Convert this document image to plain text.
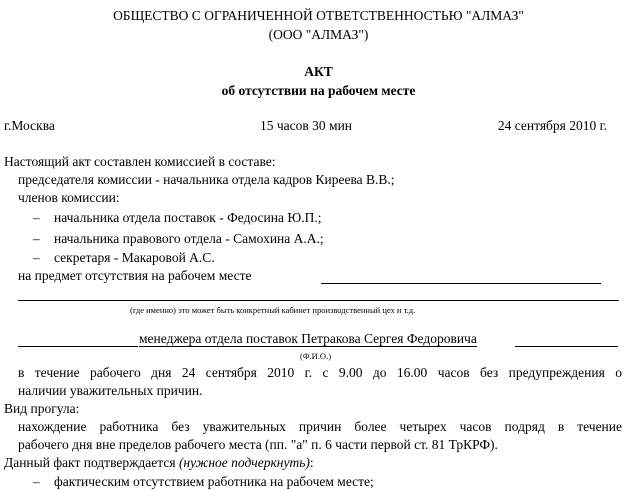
ОБЩЕСТВО С ОГРАНИЧЕННОЙ ОТВЕТСТВЕННОСТЬЮ "АЛМАЗ"
(ООО "АЛМАЗ")
АКТ
об отсутствии на рабочем месте
г.Москва	15 часов 30 мин	24 сентября 2010 г.
Настоящий акт составлен комиссией в составе:
председателя комиссии - начальника отдела кадров Киреева В.В.;
членов комиссии:
– начальника отдела поставок - Федосина Ю.П.;
– начальника правового отдела - Самохина А.А.;
– секретаря - Макаровой А.С.
на предмет отсутствия на рабочем месте
(где именно) это может быть конкретный кабинет производственный цех и т.д.
менеджера отдела поставок Петракова Сергея Федоровича
(Ф.И.О.)
в течение рабочего дня 24 сентября 2010 г. с 9.00 до 16.00 часов без предупреждения о
наличии уважительных причин.
Вид прогула:
нахождение работника без уважительных причин более четырех часов подряд в течение
рабочего дня вне пределов рабочего места (пп. "а" п. 6 части первой ст. 81 ТрКРФ).
Данный факт подтверждается (нужное подчеркнуть):
– фактическим отсутствием работника на рабочем месте;
